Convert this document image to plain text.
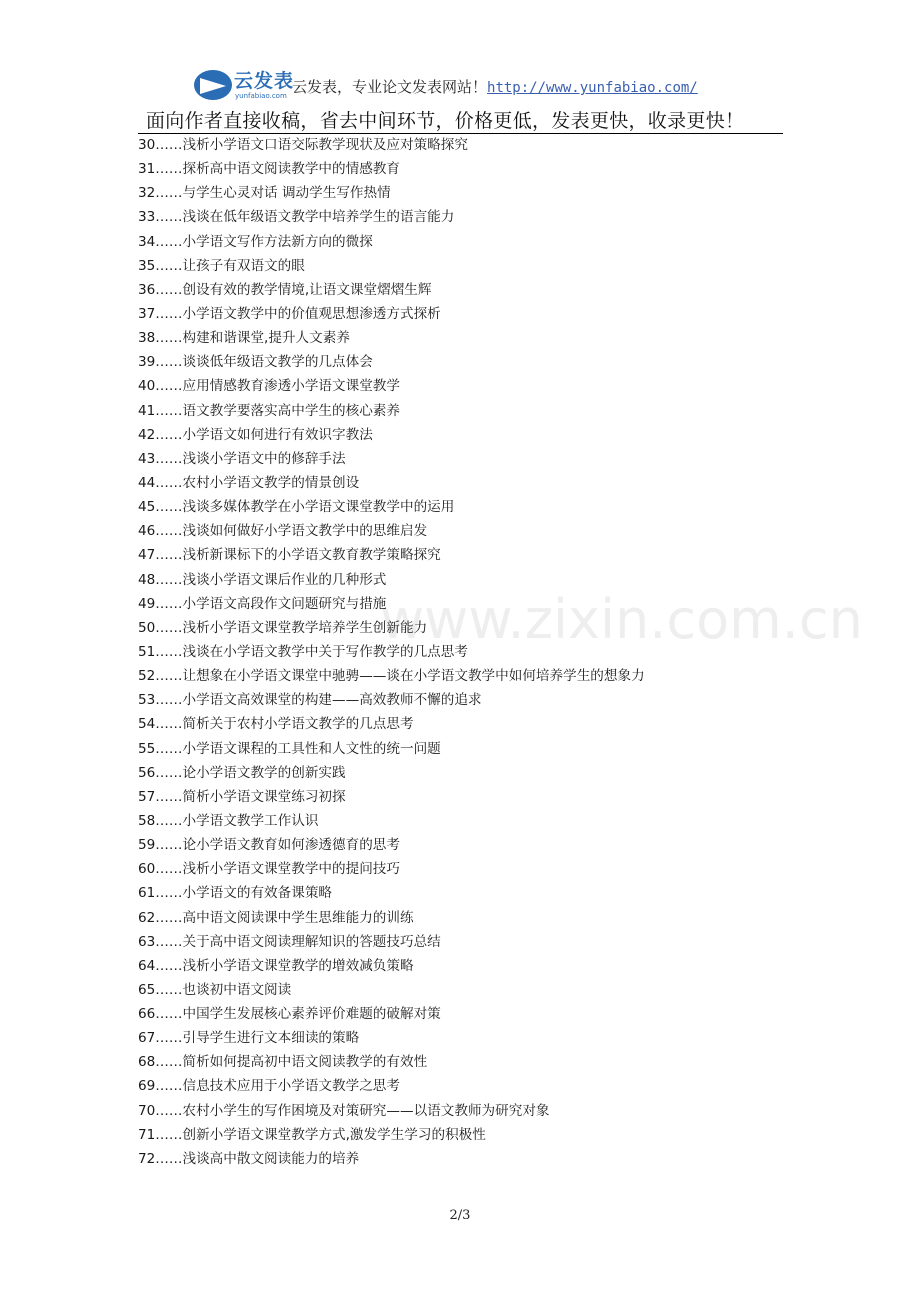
云发表
yunfabiao.com 云发表，专业论文发表网站！http://www.yunfabiao.com/
面向作者直接收稿，省去中间环节，价格更低，发表更快，收录更快！
www.zixin.com.cn
30……浅析小学语文口语交际教学现状及应对策略探究
31……探析高中语文阅读教学中的情感教育
32……与学生心灵对话 调动学生写作热情
33……浅谈在低年级语文教学中培养学生的语言能力
34……小学语文写作方法新方向的微探
35……让孩子有双语文的眼
36……创设有效的教学情境,让语文课堂熠熠生辉
37……小学语文教学中的价值观思想渗透方式探析
38……构建和谐课堂,提升人文素养
39……谈谈低年级语文教学的几点体会
40……应用情感教育渗透小学语文课堂教学
41……语文教学要落实高中学生的核心素养
42……小学语文如何进行有效识字教法
43……浅谈小学语文中的修辞手法
44……农村小学语文教学的情景创设
45……浅谈多媒体教学在小学语文课堂教学中的运用
46……浅谈如何做好小学语文教学中的思维启发
47……浅析新课标下的小学语文教育教学策略探究
48……浅谈小学语文课后作业的几种形式
49……小学语文高段作文问题研究与措施
50……浅析小学语文课堂教学培养学生创新能力
51……浅谈在小学语文教学中关于写作教学的几点思考
52……让想象在小学语文课堂中驰骋——谈在小学语文教学中如何培养学生的想象力
53……小学语文高效课堂的构建——高效教师不懈的追求
54……简析关于农村小学语文教学的几点思考
55……小学语文课程的工具性和人文性的统一问题
56……论小学语文教学的创新实践
57……简析小学语文课堂练习初探
58……小学语文教学工作认识
59……论小学语文教育如何渗透德育的思考
60……浅析小学语文课堂教学中的提问技巧
61……小学语文的有效备课策略
62……高中语文阅读课中学生思维能力的训练
63……关于高中语文阅读理解知识的答题技巧总结
64……浅析小学语文课堂教学的增效减负策略
65……也谈初中语文阅读
66……中国学生发展核心素养评价难题的破解对策
67……引导学生进行文本细读的策略
68……简析如何提高初中语文阅读教学的有效性
69……信息技术应用于小学语文教学之思考
70……农村小学生的写作困境及对策研究——以语文教师为研究对象
71……创新小学语文课堂教学方式,激发学生学习的积极性
72……浅谈高中散文阅读能力的培养
2/3
